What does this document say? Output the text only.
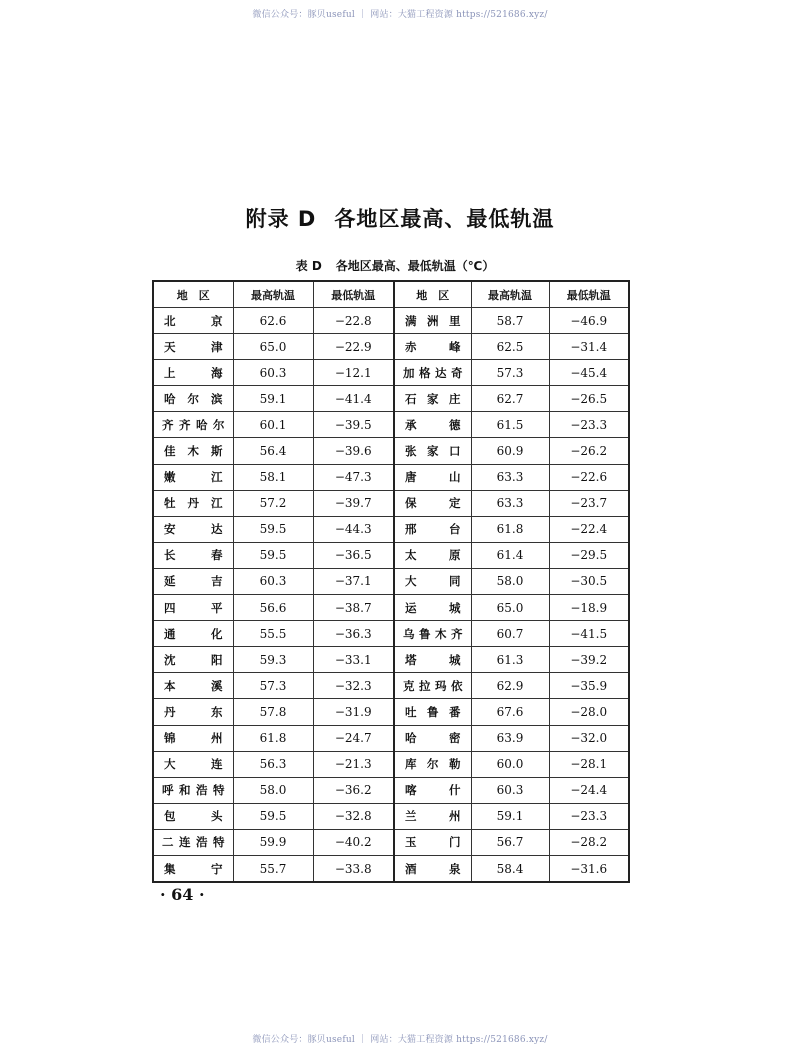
微信公众号：豚贝useful ｜ 网站：大猫工程资源 https://521686.xyz/
附录 D 各地区最高、最低轨温
表 D 各地区最高、最低轨温（℃）
地　区	最高轨温	最低轨温	地　区	最高轨温	最低轨温
北京	62.6	−22.8	满洲里	58.7	−46.9
天津	65.0	−22.9	赤峰	62.5	−31.4
上海	60.3	−12.1	加格达奇	57.3	−45.4
哈尔滨	59.1	−41.4	石家庄	62.7	−26.5
齐齐哈尔	60.1	−39.5	承德	61.5	−23.3
佳木斯	56.4	−39.6	张家口	60.9	−26.2
嫩江	58.1	−47.3	唐山	63.3	−22.6
牡丹江	57.2	−39.7	保定	63.3	−23.7
安达	59.5	−44.3	邢台	61.8	−22.4
长春	59.5	−36.5	太原	61.4	−29.5
延吉	60.3	−37.1	大同	58.0	−30.5
四平	56.6	−38.7	运城	65.0	−18.9
通化	55.5	−36.3	乌鲁木齐	60.7	−41.5
沈阳	59.3	−33.1	塔城	61.3	−39.2
本溪	57.3	−32.3	克拉玛依	62.9	−35.9
丹东	57.8	−31.9	吐鲁番	67.6	−28.0
锦州	61.8	−24.7	哈密	63.9	−32.0
大连	56.3	−21.3	库尔勒	60.0	−28.1
呼和浩特	58.0	−36.2	喀什	60.3	−24.4
包头	59.5	−32.8	兰州	59.1	−23.3
二连浩特	59.9	−40.2	玉门	56.7	−28.2
集宁	55.7	−33.8	酒泉	58.4	−31.6
· 64 ·
微信公众号：豚贝useful ｜ 网站：大猫工程资源 https://521686.xyz/
